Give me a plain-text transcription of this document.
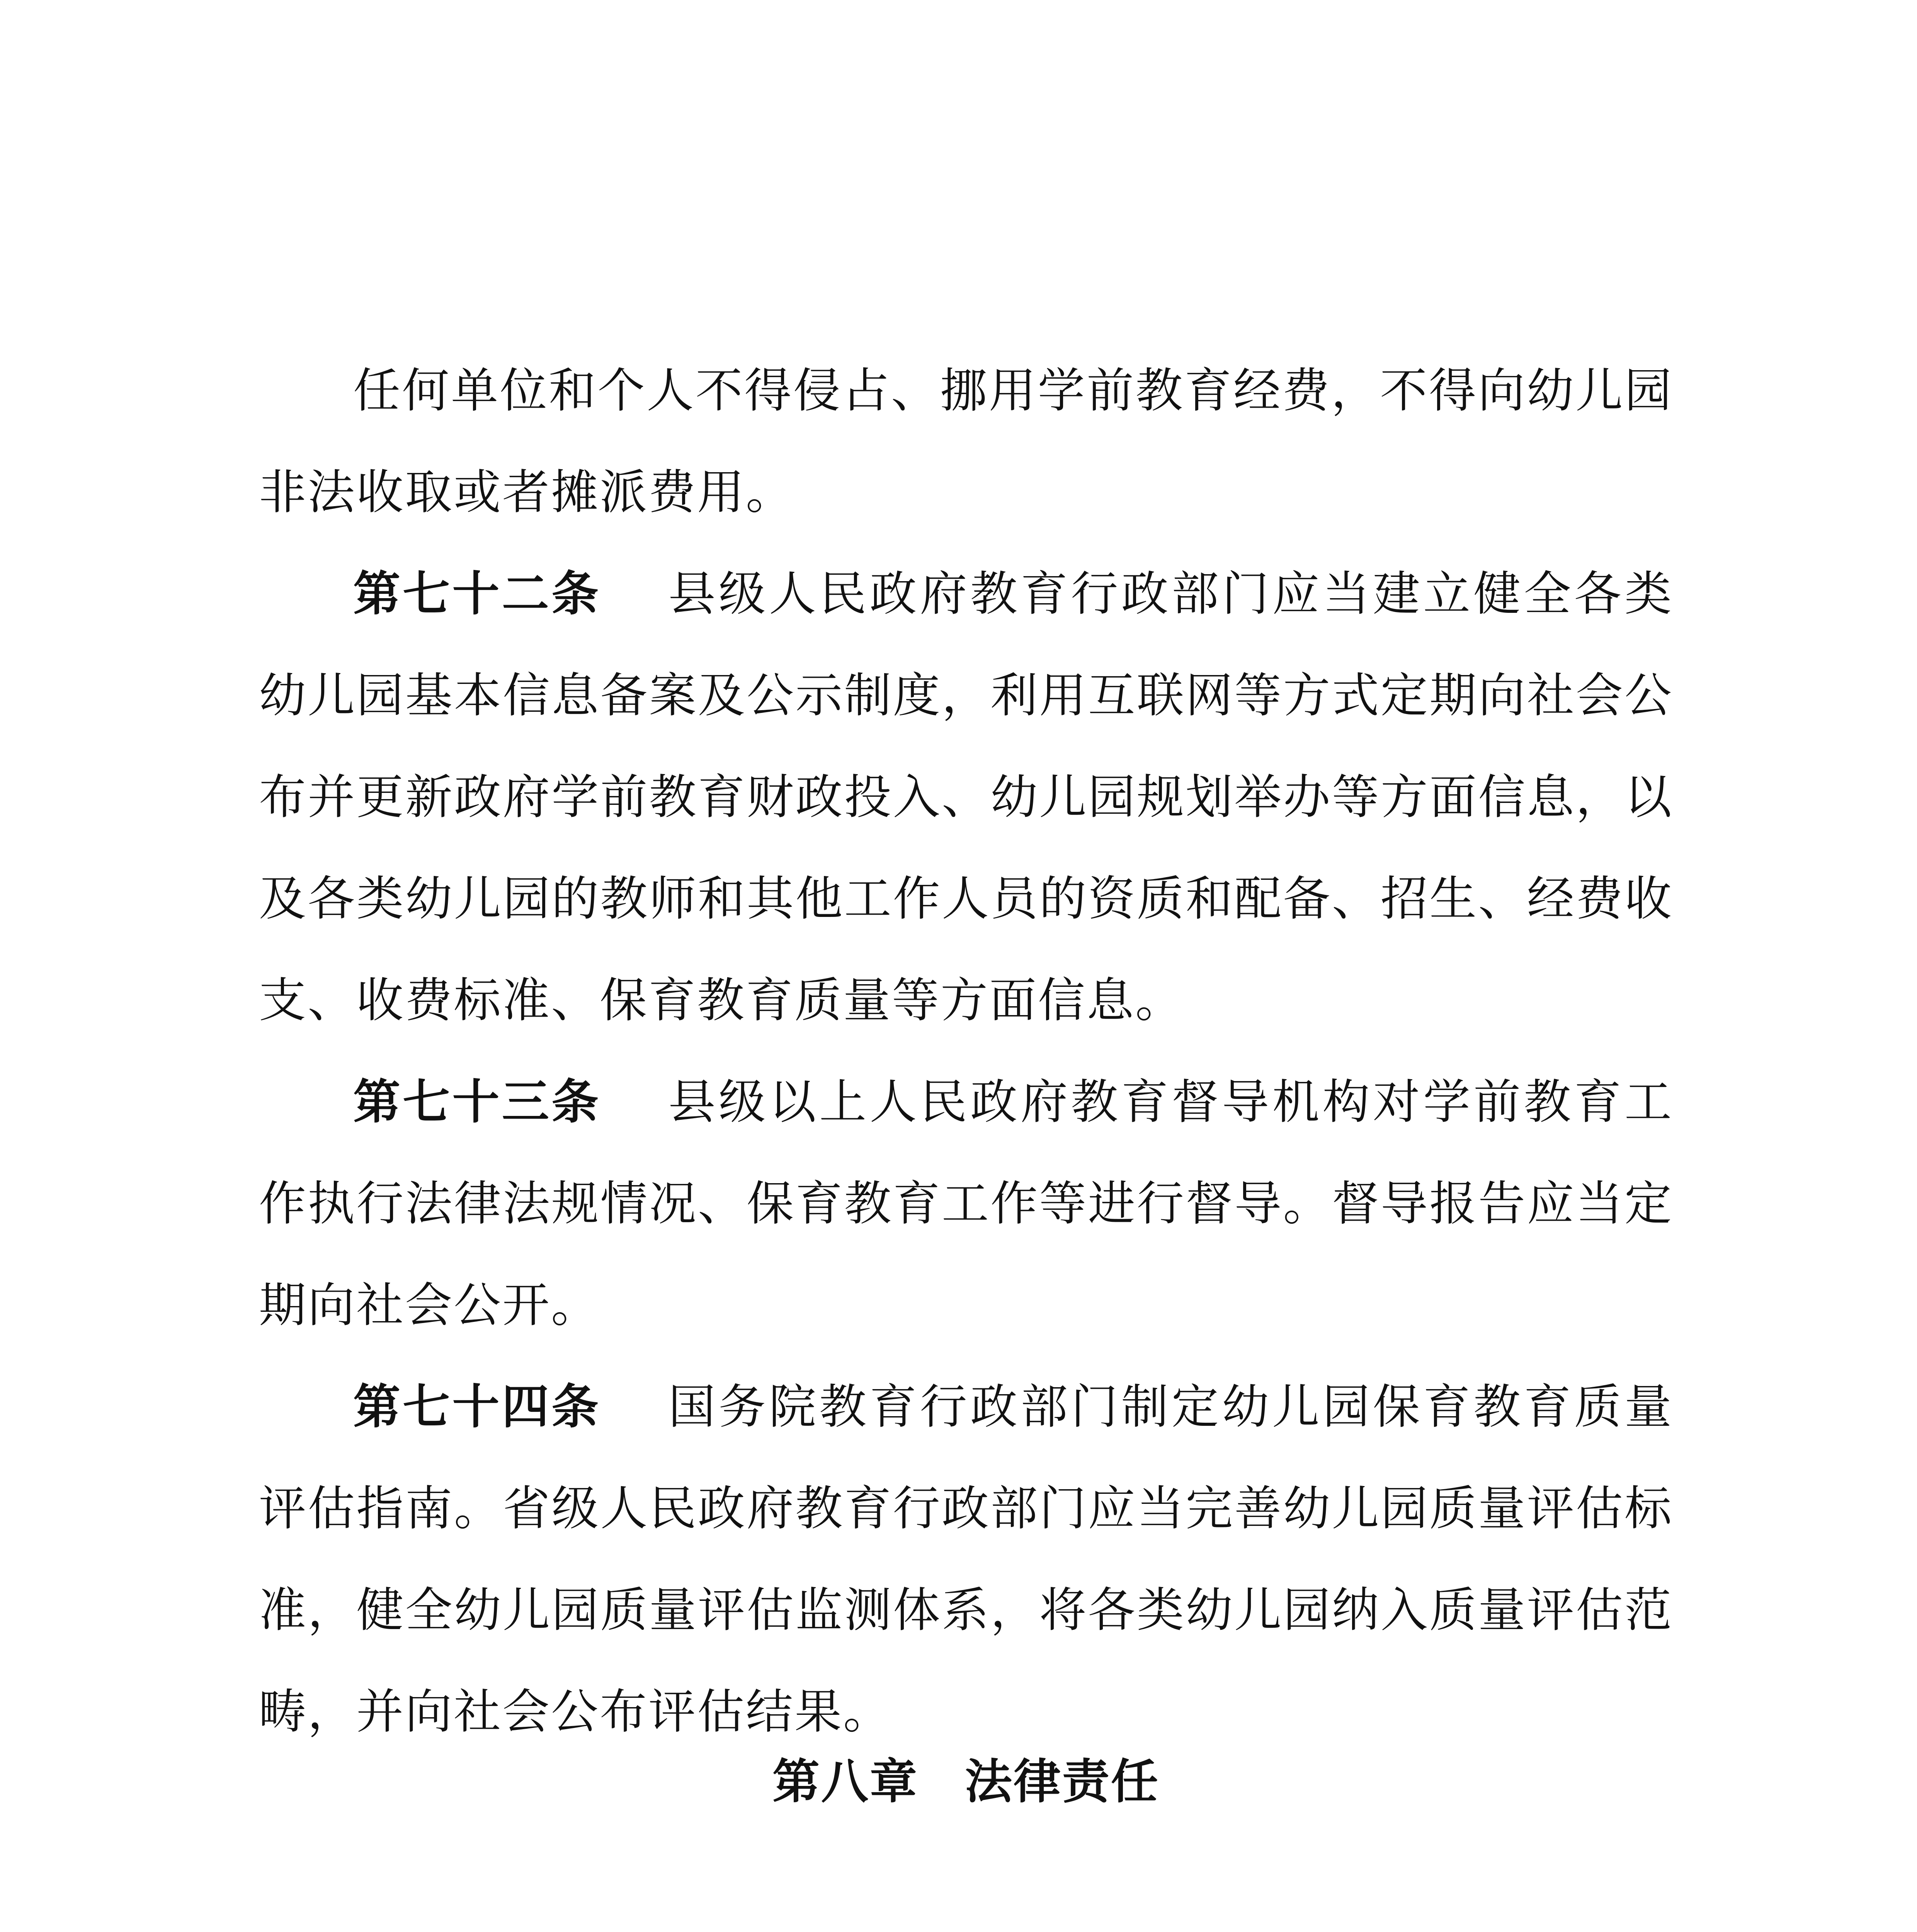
任何单位和个人不得侵占、挪用学前教育经费，不得向幼儿园非法收取或者摊派费用。

第七十二条 县级人民政府教育行政部门应当建立健全各类幼儿园基本信息备案及公示制度，利用互联网等方式定期向社会公布并更新政府学前教育财政投入、幼儿园规划举办等方面信息，以及各类幼儿园的教师和其他工作人员的资质和配备、招生、经费收支、收费标准、保育教育质量等方面信息。

第七十三条 县级以上人民政府教育督导机构对学前教育工作执行法律法规情况、保育教育工作等进行督导。督导报告应当定期向社会公开。

第七十四条 国务院教育行政部门制定幼儿园保育教育质量评估指南。省级人民政府教育行政部门应当完善幼儿园质量评估标准，健全幼儿园质量评估监测体系，将各类幼儿园纳入质量评估范畴，并向社会公布评估结果。

第八章 法律责任
